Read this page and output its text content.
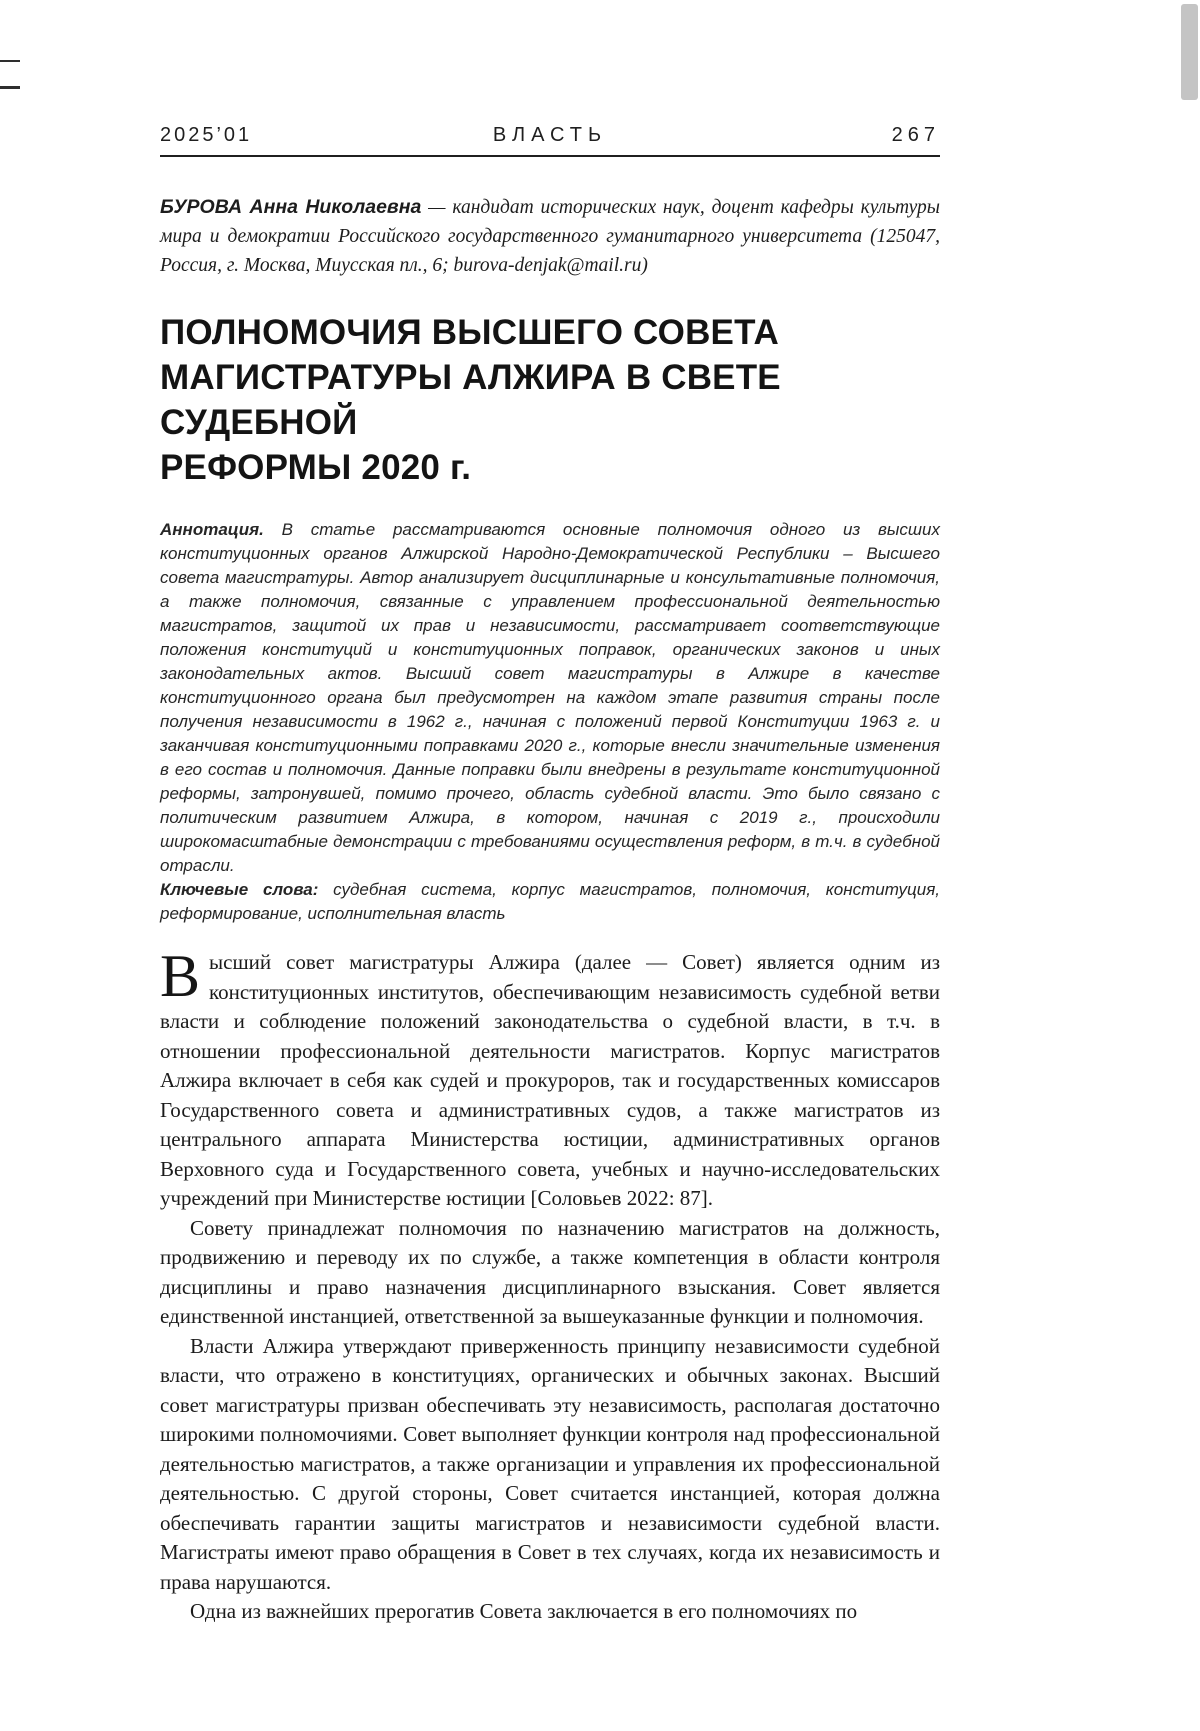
2025’01	ВЛАСТЬ	267

БУРОВА Анна Николаевна — кандидат исторических наук, доцент кафедры культуры мира и демократии Российского государственного гуманитарного университета (125047, Россия, г. Москва, Миусская пл., 6; burova-denjak@mail.ru)

ПОЛНОМОЧИЯ ВЫСШЕГО СОВЕТА
МАГИСТРАТУРЫ АЛЖИРА В СВЕТЕ СУДЕБНОЙ
РЕФОРМЫ 2020 г.

Аннотация. В статье рассматриваются основные полномочия одного из высших конституционных органов Алжирской Народно-Демократической Республики – Высшего совета магистратуры. Автор анализирует дисциплинарные и консультативные полномочия, а также полномочия, связанные с управлением профессиональной деятельностью магистратов, защитой их прав и независимости, рассматривает соответствующие положения конституций и конституционных поправок, органических законов и иных законодательных актов. Высший совет магистратуры в Алжире в качестве конституционного органа был предусмотрен на каждом этапе развития страны после получения независимости в 1962 г., начиная с положений первой Конституции 1963 г. и заканчивая конституционными поправками 2020 г., которые внесли значительные изменения в его состав и полномочия. Данные поправки были внедрены в результате конституционной реформы, затронувшей, помимо прочего, область судебной власти. Это было связано с политическим развитием Алжира, в котором, начиная с 2019 г., происходили широкомасштабные демонстрации с требованиями осуществления реформ, в т.ч. в судебной отрасли.

Ключевые слова: судебная система, корпус магистратов, полномочия, конституция, реформирование, исполнительная власть

Высший совет магистратуры Алжира (далее — Совет) является одним из конституционных институтов, обеспечивающим независимость судебной ветви власти и соблюдение положений законодательства о судебной власти, в т.ч. в отношении профессиональной деятельности магистратов. Корпус магистратов Алжира включает в себя как судей и прокуроров, так и государственных комиссаров Государственного совета и административных судов, а также магистратов из центрального аппарата Министерства юстиции, административных органов Верховного суда и Государственного совета, учебных и научно-исследовательских учреждений при Министерстве юстиции [Соловьев 2022: 87].

Совету принадлежат полномочия по назначению магистратов на должность, продвижению и переводу их по службе, а также компетенция в области контроля дисциплины и право назначения дисциплинарного взыскания. Совет является единственной инстанцией, ответственной за вышеуказанные функции и полномочия.

Власти Алжира утверждают приверженность принципу независимости судебной власти, что отражено в конституциях, органических и обычных законах. Высший совет магистратуры призван обеспечивать эту независимость, располагая достаточно широкими полномочиями. Совет выполняет функции контроля над профессиональной деятельностью магистратов, а также организации и управления их профессиональной деятельностью. С другой стороны, Совет считается инстанцией, которая должна обеспечивать гарантии защиты магистратов и независимости судебной власти. Магистраты имеют право обращения в Совет в тех случаях, когда их независимость и права нарушаются.

Одна из важнейших прерогатив Совета заключается в его полномочиях по
